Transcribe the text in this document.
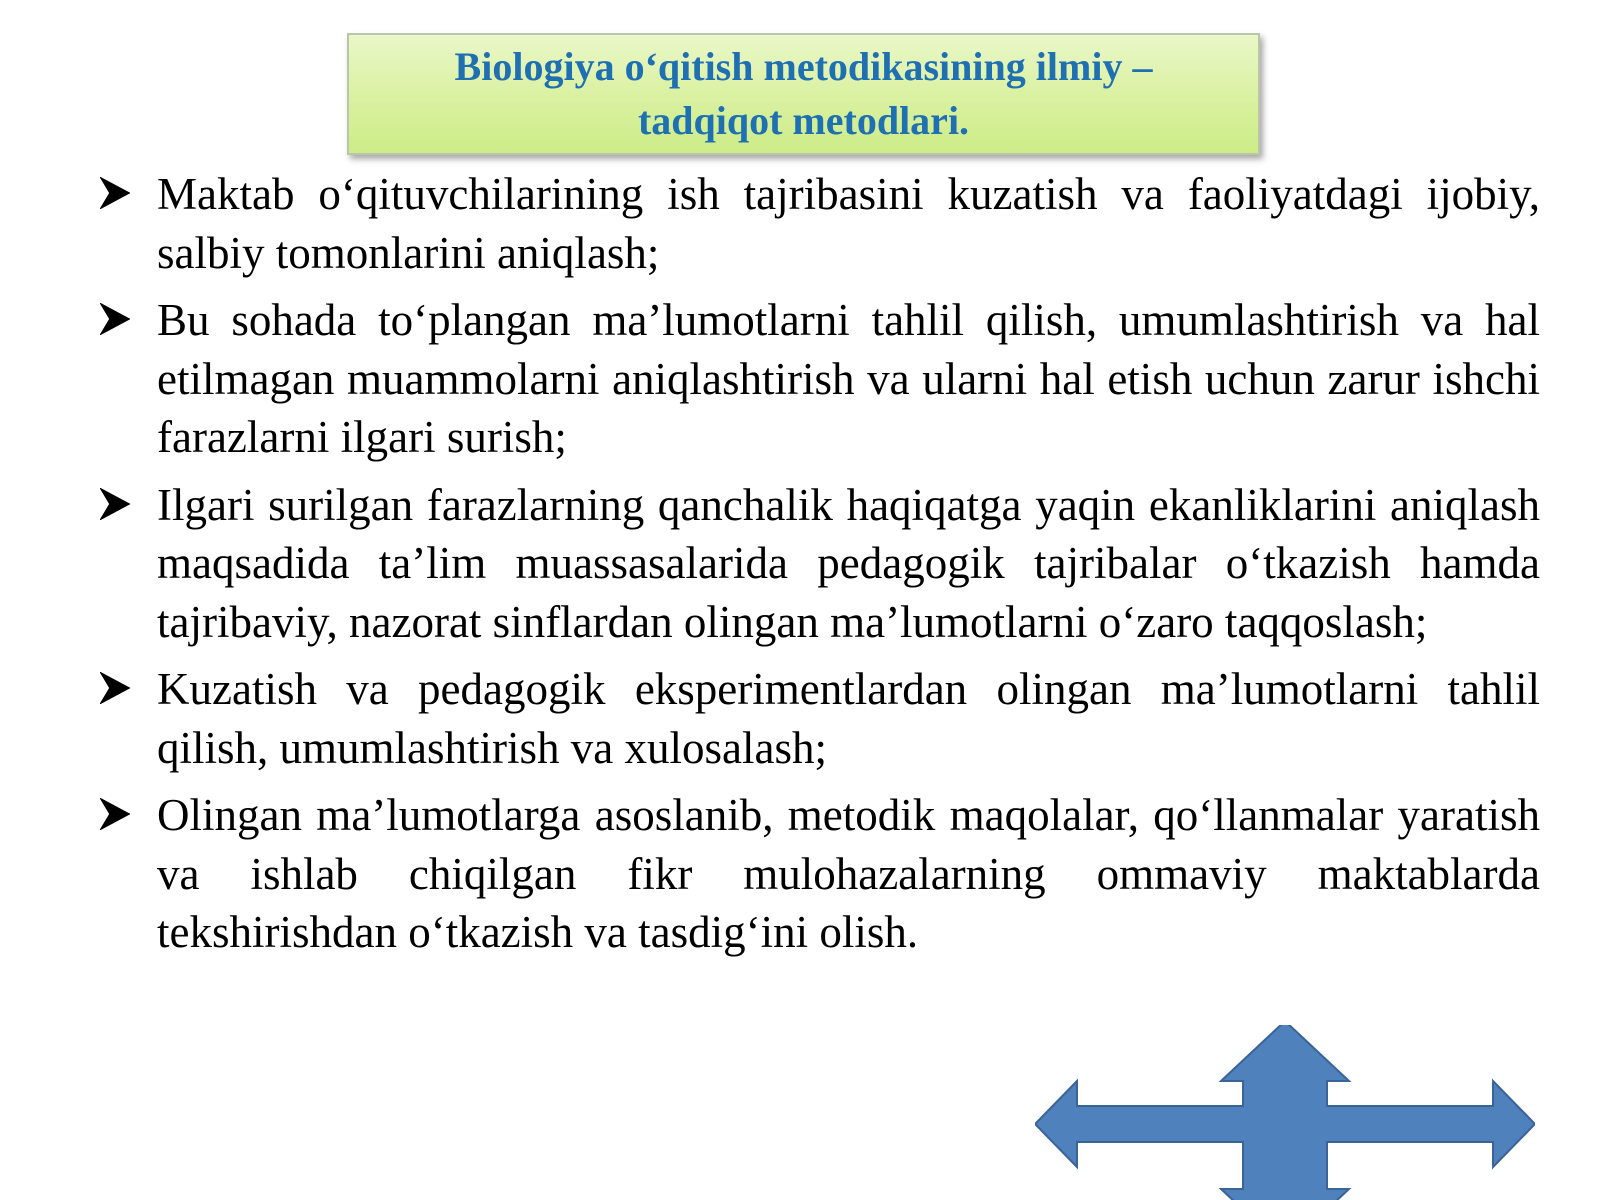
Biologiya o‘qitish metodikasining ilmiy –
tadqiqot metodlari.
Maktab o‘qituvchilarining ish tajribasini kuzatish va faoliyatdagi ijobiy, salbiy tomonlarini aniqlash;
Bu sohada to‘plangan ma’lumotlarni tahlil qilish, umumlashtirish va hal etilmagan muammolarni aniqlashtirish va ularni hal etish uchun zarur ishchi farazlarni ilgari surish;
Ilgari surilgan farazlarning qanchalik haqiqatga yaqin ekanliklarini aniqlash maqsadida ta’lim muassasalarida pedagogik tajribalar o‘tkazish hamda tajribaviy, nazorat sinflardan olingan ma’lumotlarni o‘zaro taqqoslash;
Kuzatish va pedagogik eksperimentlardan olingan ma’lumotlarni tahlil qilish, umumlashtirish va xulosalash;
Olingan ma’lumotlarga asoslanib, metodik maqolalar, qo‘llanmalar yaratish va ishlab chiqilgan fikr mulohazalarning ommaviy maktablarda tekshirishdan o‘tkazish va tasdig‘ini olish.
